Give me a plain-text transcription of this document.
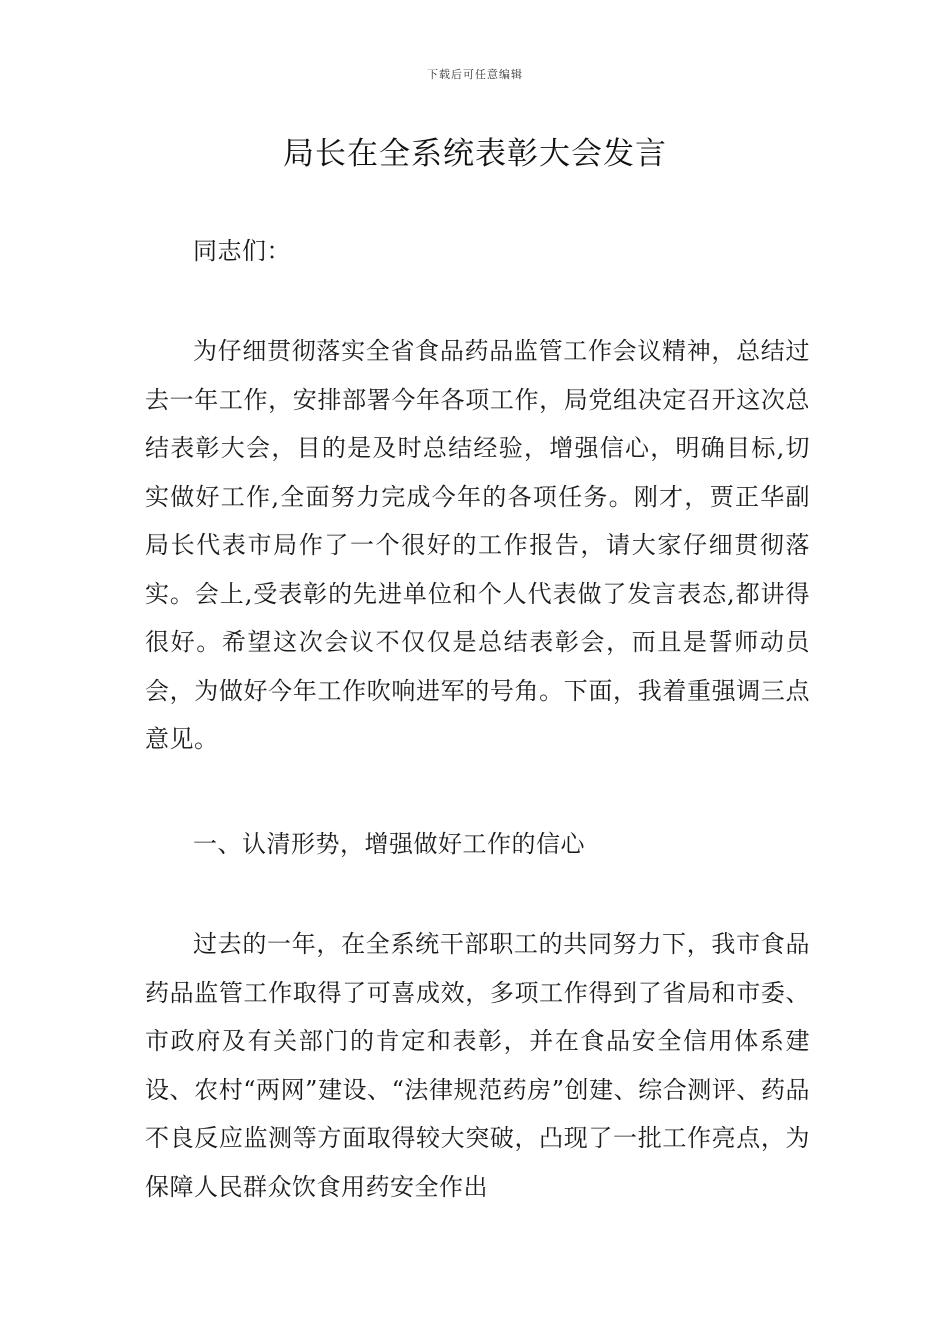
下载后可任意编辑
局长在全系统表彰大会发言

同志们：

为仔细贯彻落实全省食品药品监管工作会议精神，总结过去一年工作，安排部署今年各项工作，局党组决定召开这次总结表彰大会，目的是及时总结经验，增强信心，明确目标,切实做好工作,全面努力完成今年的各项任务。刚才，贾正华副局长代表市局作了一个很好的工作报告，请大家仔细贯彻落实。会上,受表彰的先进单位和个人代表做了发言表态,都讲得很好。希望这次会议不仅仅是总结表彰会，而且是誓师动员会，为做好今年工作吹响进军的号角。下面，我着重强调三点意见。

一、认清形势，增强做好工作的信心

过去的一年，在全系统干部职工的共同努力下，我市食品药品监管工作取得了可喜成效，多项工作得到了省局和市委、市政府及有关部门的肯定和表彰，并在食品安全信用体系建设、农村“两网”建设、“法律规范药房”创建、综合测评、药品不良反应监测等方面取得较大突破，凸现了一批工作亮点，为保障人民群众饮食用药安全作出
